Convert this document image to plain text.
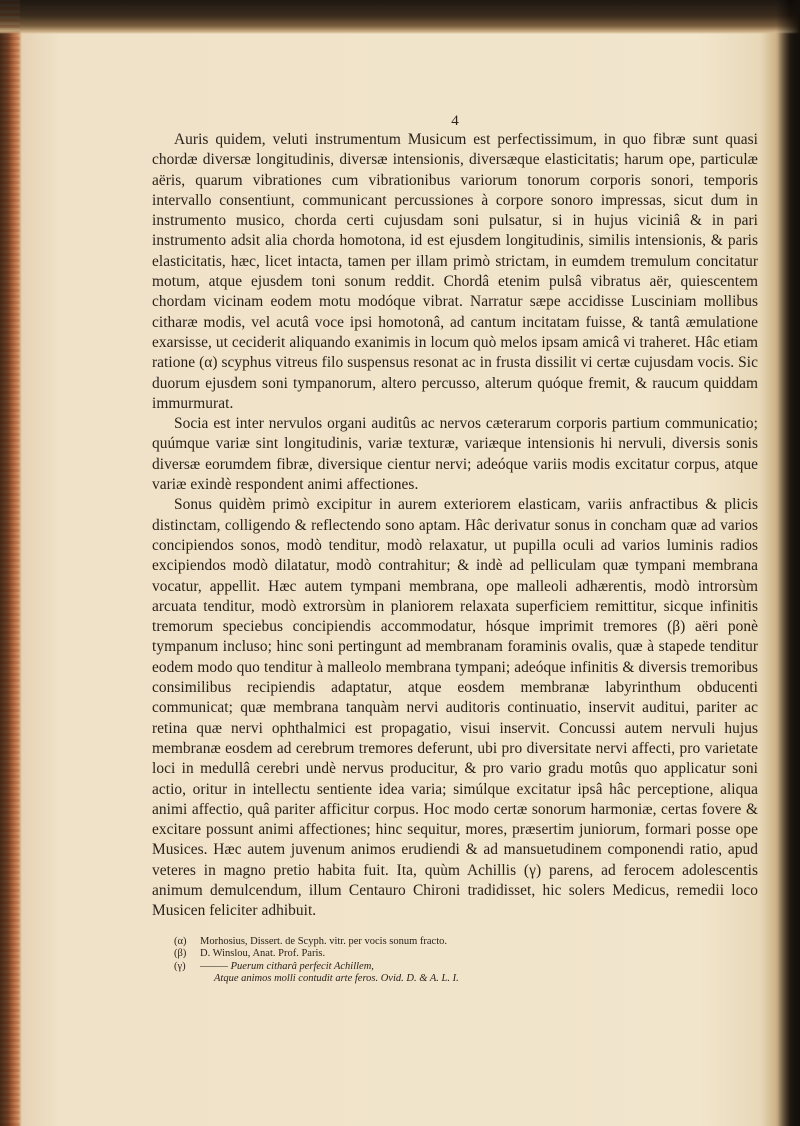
4

Auris quidem, veluti instrumentum Musicum est perfectissimum, in quo fibræ sunt quasi chordæ diversæ longitudinis, diversæ intensionis, diversæque elasticitatis; harum ope, particulæ aëris, quarum vibrationes cum vibrationibus variorum tonorum corporis sonori, temporis intervallo consentiunt, communicant percussiones à corpore sonoro impressas, sicut dum in instrumento musico, chorda certi cujusdam soni pulsatur, si in hujus viciniâ & in pari instrumento adsit alia chorda homotona, id est ejusdem longitudinis, similis intensionis, & paris elasticitatis, hæc, licet intacta, tamen per illam primò strictam, in eumdem tremulum concitatur motum, atque ejusdem toni sonum reddit. Chordâ etenim pulsâ vibratus aër, quiescentem chordam vicinam eodem motu modóque vibrat. Narratur sæpe accidisse Lusciniam mollibus citharæ modis, vel acutâ voce ipsi homotonâ, ad cantum incitatam fuisse, & tantâ æmulatione exarsisse, ut ceciderit aliquando exanimis in locum quò melos ipsam amicâ vi traheret. Hâc etiam ratione (α) scyphus vitreus filo suspensus resonat ac in frusta dissilit vi certæ cujusdam vocis. Sic duorum ejusdem soni tympanorum, altero percusso, alterum quóque fremit, & raucum quiddam immurmurat.

Socia est inter nervulos organi auditûs ac nervos cæterarum corporis partium communicatio; quúmque variæ sint longitudinis, variæ texturæ, variæque intensionis hi nervuli, diversis sonis diversæ eorumdem fibræ, diversique cientur nervi; adeóque variis modis excitatur corpus, atque variæ exindè respondent animi affectiones.

Sonus quidèm primò excipitur in aurem exteriorem elasticam, variis anfractibus & plicis distinctam, colligendo & reflectendo sono aptam. Hâc derivatur sonus in concham quæ ad varios concipiendos sonos, modò tenditur, modò relaxatur, ut pupilla oculi ad varios luminis radios excipiendos modò dilatatur, modò contrahitur; & indè ad pelliculam quæ tympani membrana vocatur, appellit. Hæc autem tympani membrana, ope malleoli adhærentis, modò introrsùm arcuata tenditur, modò extrorsùm in planiorem relaxata superficiem remittitur, sicque infinitis tremorum speciebus concipiendis accommodatur, hósque imprimit tremores (β) aëri ponè tympanum incluso; hinc soni pertingunt ad membranam foraminis ovalis, quæ à stapede tenditur eodem modo quo tenditur à malleolo membrana tympani; adeóque infinitis & diversis tremoribus consimilibus recipiendis adaptatur, atque eosdem membranæ labyrinthum obducenti communicat; quæ membrana tanquàm nervi auditoris continuatio, inservit auditui, pariter ac retina quæ nervi ophthalmici est propagatio, visui inservit. Concussi autem nervuli hujus membranæ eosdem ad cerebrum tremores deferunt, ubi pro diversitate nervi affecti, pro varietate loci in medullâ cerebri undè nervus producitur, & pro vario gradu motûs quo applicatur soni actio, oritur in intellectu sentiente idea varia; simúlque excitatur ipsâ hâc perceptione, aliqua animi affectio, quâ pariter afficitur corpus. Hoc modo certæ sonorum harmoniæ, certas fovere & excitare possunt animi affectiones; hinc sequitur, mores, præsertim juniorum, formari posse ope Musices. Hæc autem juvenum animos erudiendi & ad mansuetudinem componendi ratio, apud veteres in magno pretio habita fuit. Ita, quùm Achillis (γ) parens, ad ferocem adolescentis animum demulcendum, illum Centauro Chironi tradidisset, hic solers Medicus, remedii loco Musicen feliciter adhibuit.

(α) Morhosius, Dissert. de Scyph. vitr. per vocis sonum fracto.
(β) D. Winslou, Anat. Prof. Paris.
(γ) ——— Puerum citharâ perfecit Achillem,
Atque animos molli contudit arte feros. Ovid. D. & A. L. I.
